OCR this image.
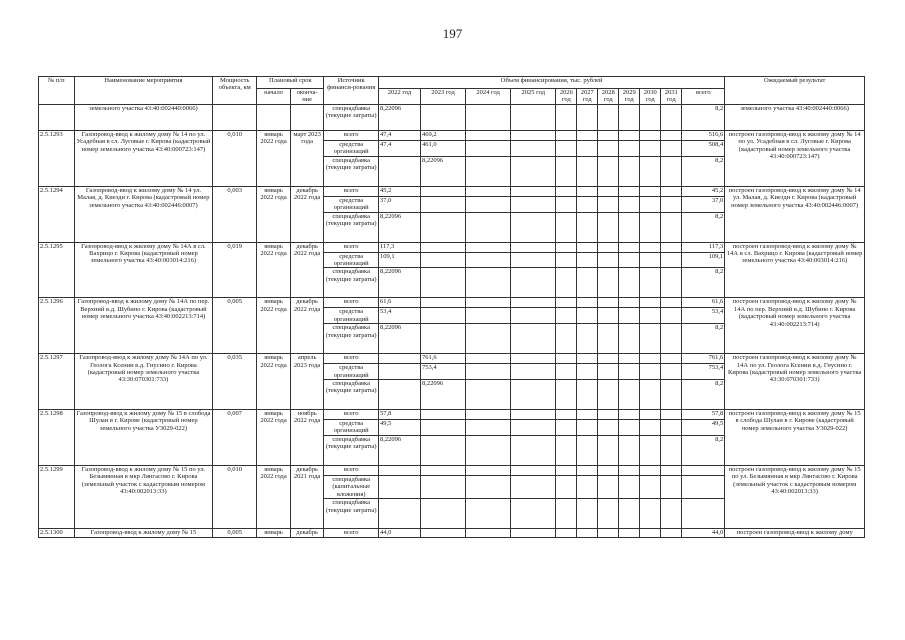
197
№ п/п	Наименование мероприятия	Мощность объекта, км	Плановый срок		Источник финанси-рования	Объем финансирования, тыс. рублей											Ожидаемый результат
			начало	оконча-ние		2022 год	2023 год	2024 год	2025 год	2026 год	2027 год	2028 год	2029 год	2030 год	2031 год	всего	

	земельного участка 43:40:002440:0066)				спецнадбавка (текущие затраты)	8,22096										8,2	земельного участка 43:40:002440:0066)
2.5.1293	Газопровод-ввод к жилому дому № 14 по ул. Усадебная в сл. Луговые г. Кирова (кадастровый номер земельного участка 43:40:000723:147)	0,010	январь 2022 года	март 2023 года	всего	47,4	469,2									516,6	построен газопровод-ввод к жилому дому № 14 по ул. Усадебная в сл. Луговые г. Кирова (кадастровый номер земельного участка 43:40:000723:147)
					средства организаций	47,4	461,0									508,4	
					спецнадбавка (текущие затраты)		8,22096									8,2	
2.5.1294	Газопровод-ввод к жилому дому № 14 ул. Малая, д. Киезди г. Кирова (кадастровый номер земельного участка 43:40:002446:0007)	0,003	январь 2022 года	декабрь 2022 года	всего	45,2										45,2	построен газопровод-ввод к жилому дому № 14 ул. Малая, д. Киезди г. Кирова (кадастровый номер земельного участка 43:40:002446:0007)
					средства организаций	37,0										37,0	
					спецнадбавка (текущие затраты)	8,22096										8,2	
2.5.1295	Газопровод-ввод к жилому дому № 14А в сл. Вахрицо г. Кирова (кадастровый номер земельного участка 43:40:003014:216)	0,019	январь 2022 года	декабрь 2022 года	всего	117,3										117,3	построен газопровод-ввод к жилому дому № 14А в сл. Вахрицо г. Кирова (кадастровый номер земельного участка 43:40:003014:216)
					средства организаций	109,1										109,1	
					спецнадбавка (текущие затраты)	8,22096										8,2	
2.5.1296	Газопровод-ввод к жилому дому № 14А по пер. Верхний в.д. Шубино г. Кирова (кадастровый номер земельного участка 43:40:002213:714)	0,005	январь 2022 года	декабрь 2022 года	всего	61,6										61,6	построен газопровод-ввод к жилому дому № 14А по пер. Верхний в.д. Шубино г. Кирова (кадастровый номер земельного участка 43:40:002213:714)
					средства организаций	53,4										53,4	
					спецнадбавка (текущие затраты)	8,22096										8,2	
2.5.1297	Газопровод-ввод к жилому дому № 14А по ул. Геолога Ксении в.д. Гнусино г. Кирова (кадастровый номер земельного участка 43:30:070301:733)	0,035	январь 2022 года	апрель 2023 года	всего		761,6									761,6	построен газопровод-ввод к жилому дому № 14А по ул. Геолога Ксении в.д. Гнусино г. Кирова (кадастровый номер земельного участка 43:30:070301:733)
					средства организаций		753,4									753,4	
					спецнадбавка (текущие затраты)		8,22096									8,2	
2.5.1298	Газопровод-ввод к жилому дому № 15 в слобода Шулаи в г. Кирове (кадастровый номер земельного участка У3029-022)	0,007	январь 2022 года	ноябрь 2022 года	всего	57,8										57,8	построен газопровод-ввод к жилому дому № 15 в слобода Шулаи в г. Кирове (кадастровый номер земельного участка У3029-022)
					средства организаций	49,5										49,5	
					спецнадбавка (текущие затраты)	8,22096										8,2	
2.5.1299	Газопровод-ввод к жилому дому № 15 по ул. Безымянная в мкр Лянгасово г. Кирова (земельный участок с кадастровым номером 43:40:002013:33)	0,010	январь 2022 года	декабрь 2021 года	всего												построен газопровод-ввод к жилому дому № 15 по ул. Безымянная в мкр Лянгасово г. Кирова (земельный участок с кадастровым номером 43:40:002013:33)
					спецнадбавка (капитальные вложения)												
					спецнадбавка (текущие затраты)												
2.5.1300	Газопровод-ввод к жилому дому № 15	0,005	январь	декабрь	всего	44,0										44,0	построен газопровод-ввод к жилому дому
